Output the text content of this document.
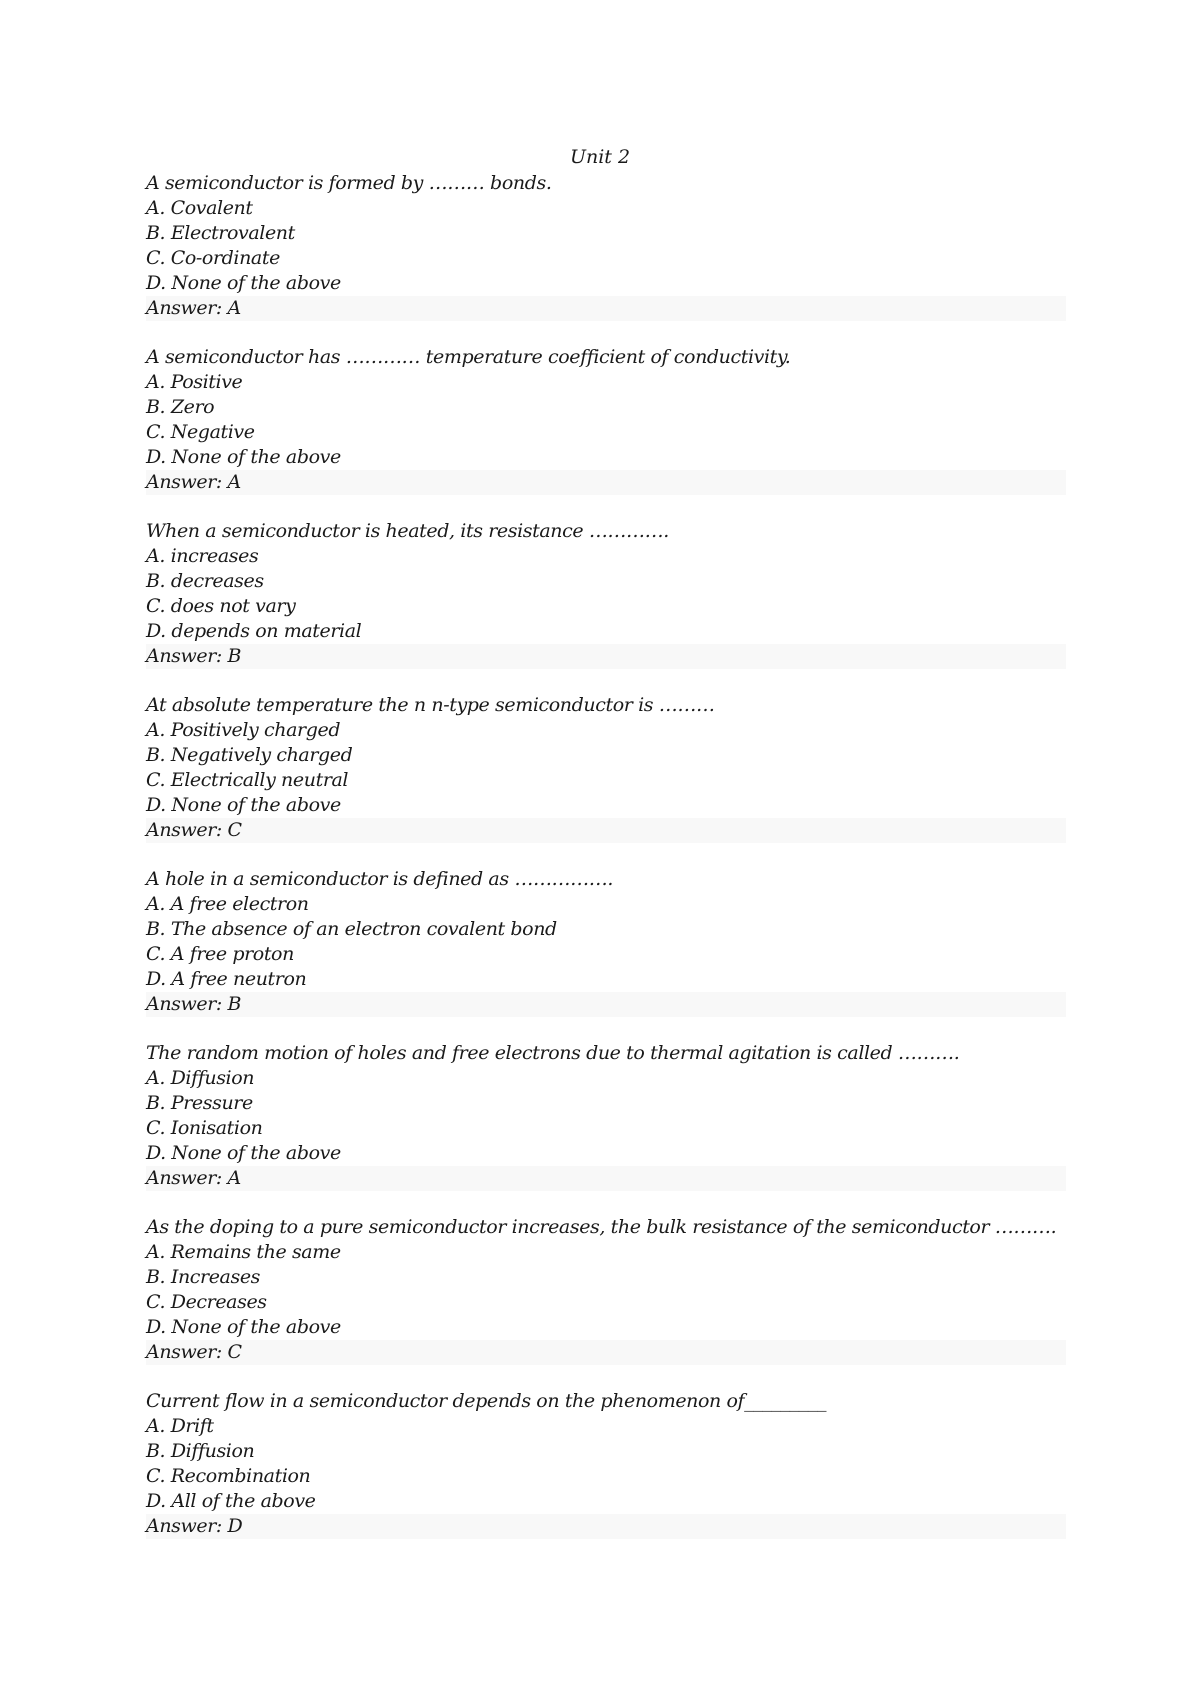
Unit 2
A semiconductor is formed by ……… bonds.
A. Covalent
B. Electrovalent
C. Co-ordinate
D. None of the above
Answer: A
A semiconductor has ………… temperature coefficient of conductivity.
A. Positive
B. Zero
C. Negative
D. None of the above
Answer: A
When a semiconductor is heated, its resistance ………….
A. increases
B. decreases
C. does not vary
D. depends on material
Answer: B
At absolute temperature the n n-type semiconductor is ………
A. Positively charged
B. Negatively charged
C. Electrically neutral
D. None of the above
Answer: C
A hole in a semiconductor is defined as …………….
A. A free electron
B. The absence of an electron covalent bond
C. A free proton
D. A free neutron
Answer: B
The random motion of holes and free electrons due to thermal agitation is called ……….
A. Diffusion
B. Pressure
C. Ionisation
D. None of the above
Answer: A
As the doping to a pure semiconductor increases, the bulk resistance of the semiconductor ……….
A. Remains the same
B. Increases
C. Decreases
D. None of the above
Answer: C
Current flow in a semiconductor depends on the phenomenon of_________
A. Drift
B. Diffusion
C. Recombination
D. All of the above
Answer: D
